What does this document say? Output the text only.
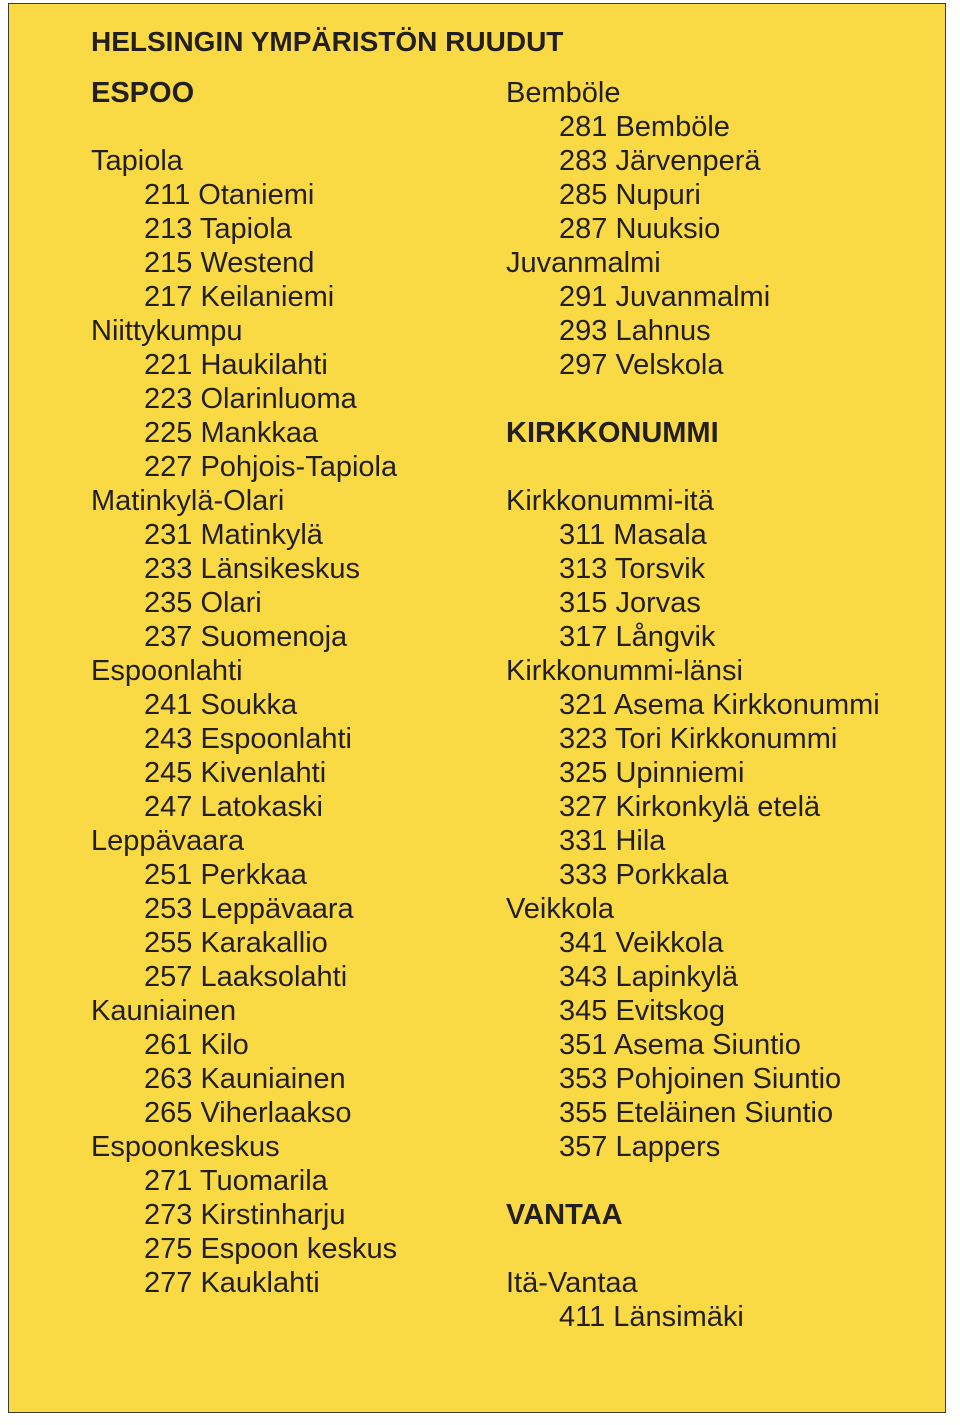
HELSINGIN YMPÄRISTÖN RUUDUT
ESPOO
Tapiola
211 Otaniemi
213 Tapiola
215 Westend
217 Keilaniemi
Niittykumpu
221 Haukilahti
223 Olarinluoma
225 Mankkaa
227 Pohjois-Tapiola
Matinkylä-Olari
231 Matinkylä
233 Länsikeskus
235 Olari
237 Suomenoja
Espoonlahti
241 Soukka
243 Espoonlahti
245 Kivenlahti
247 Latokaski
Leppävaara
251 Perkkaa
253 Leppävaara
255 Karakallio
257 Laaksolahti
Kauniainen
261 Kilo
263 Kauniainen
265 Viherlaakso
Espoonkeskus
271 Tuomarila
273 Kirstinharju
275 Espoon keskus
277 Kauklahti
Bemböle
281 Bemböle
283 Järvenperä
285 Nupuri
287 Nuuksio
Juvanmalmi
291 Juvanmalmi
293 Lahnus
297 Velskola
KIRKKONUMMI
Kirkkonummi-itä
311 Masala
313 Torsvik
315 Jorvas
317 Långvik
Kirkkonummi-länsi
321 Asema Kirkkonummi
323 Tori Kirkkonummi
325 Upinniemi
327 Kirkonkylä etelä
331 Hila
333 Porkkala
Veikkola
341 Veikkola
343 Lapinkylä
345 Evitskog
351 Asema Siuntio
353 Pohjoinen Siuntio
355 Eteläinen Siuntio
357 Lappers
VANTAA
Itä-Vantaa
411 Länsimäki
